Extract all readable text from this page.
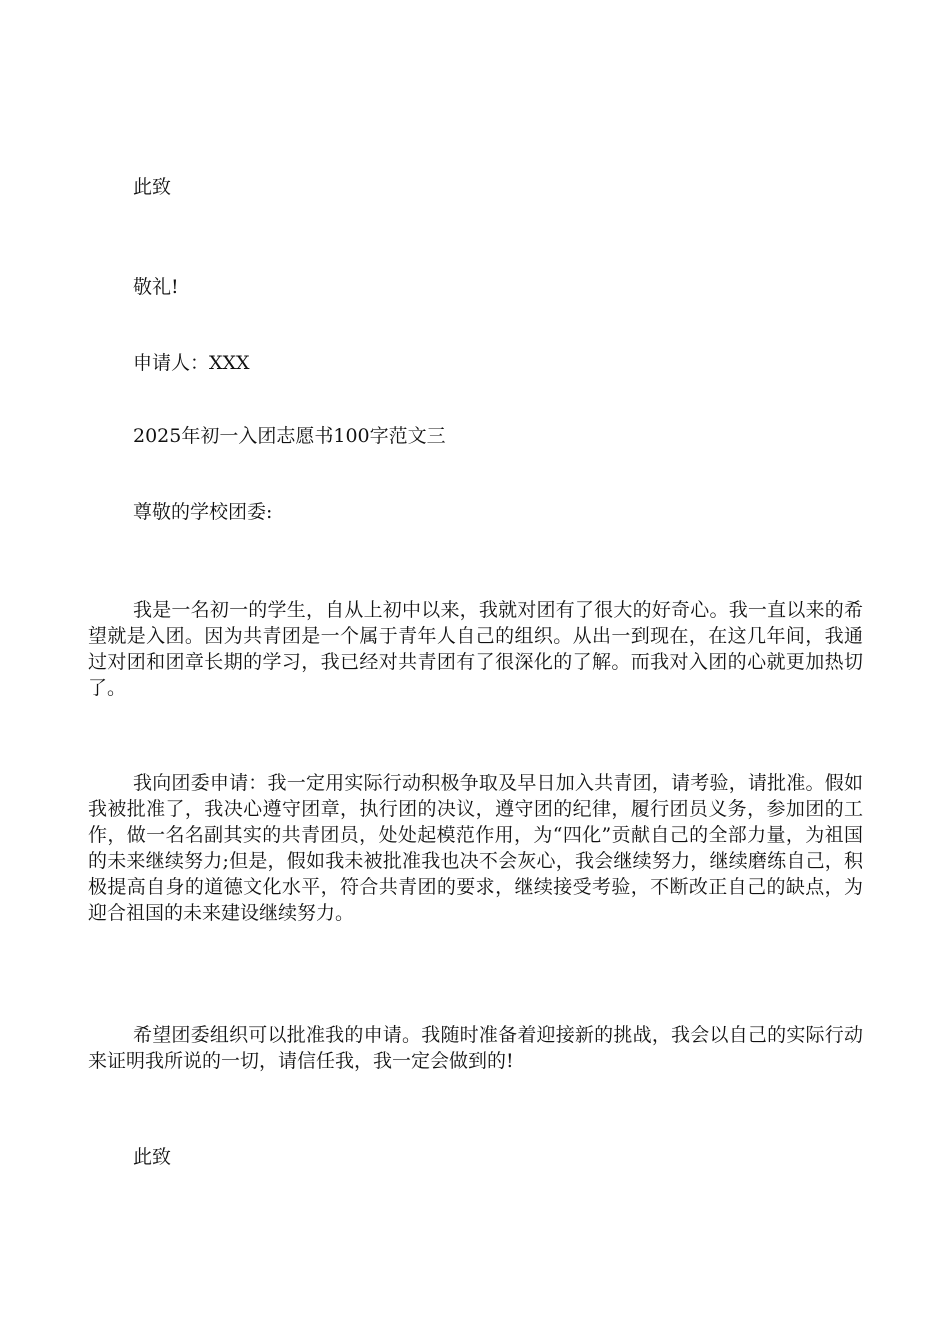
此致
敬礼!
申请人：XXX
2025年初一入团志愿书100字范文三
尊敬的学校团委:
我是一名初一的学生，自从上初中以来，我就对团有了很大的好奇心。我一直以来的希望就是入团。因为共青团是一个属于青年人自己的组织。从出一到现在，在这几年间，我通过对团和团章长期的学习，我已经对共青团有了很深化的了解。而我对入团的心就更加热切了。
我向团委申请：我一定用实际行动积极争取及早日加入共青团，请考验，请批准。假如我被批准了，我决心遵守团章，执行团的决议，遵守团的纪律，履行团员义务，参加团的工作，做一名名副其实的共青团员，处处起模范作用，为“四化”贡献自己的全部力量，为祖国的未来继续努力;但是，假如我未被批准我也决不会灰心，我会继续努力，继续磨练自己，积极提高自身的道德文化水平，符合共青团的要求，继续接受考验，不断改正自己的缺点，为迎合祖国的未来建设继续努力。
希望团委组织可以批准我的申请。我随时准备着迎接新的挑战，我会以自己的实际行动来证明我所说的一切，请信任我，我一定会做到的!
此致
